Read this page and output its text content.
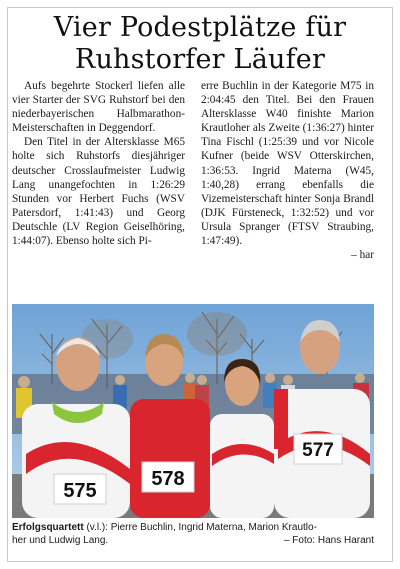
Vier Podestplätze für
Ruhstorfer Läufer

Aufs begehrte Stockerl liefen alle vier Starter der SVG Ruhstorf bei den niederbayerischen Halbmarathon-Meisterschaften in Deggendorf.

Den Titel in der Altersklasse M65 holte sich Ruhstorfs diesjähriger deutscher Crosslaufmeister Ludwig Lang unangefochten in 1:26:29 Stunden vor Herbert Fuchs (WSV Patersdorf, 1:41:43) und Georg Deutschle (LV Region Geiselhöring, 1:44:07). Ebenso holte sich Pi-

erre Buchlin in der Kategorie M75 in 2:04:45 den Titel. Bei den Frauen Altersklasse W40 finishte Marion Krautloher als Zweite (1:36:27) hinter Tina Fischl (1:25:39 und vor Nicole Kufner (beide WSV Otterskirchen, 1:36:53. Ingrid Materna (W45, 1:40,28) errang ebenfalls die Vizemeisterschaft hinter Sonja Brandl (DJK Fürsteneck, 1:32:52) und vor Ursula Spranger (FTSV Straubing, 1:47:49).

– har

575
578
577
Erfolgsquartett (v.l.): Pierre Buchlin, Ingrid Materna, Marion Krautlo-
her und Ludwig Lang.	– Foto: Hans Harant
